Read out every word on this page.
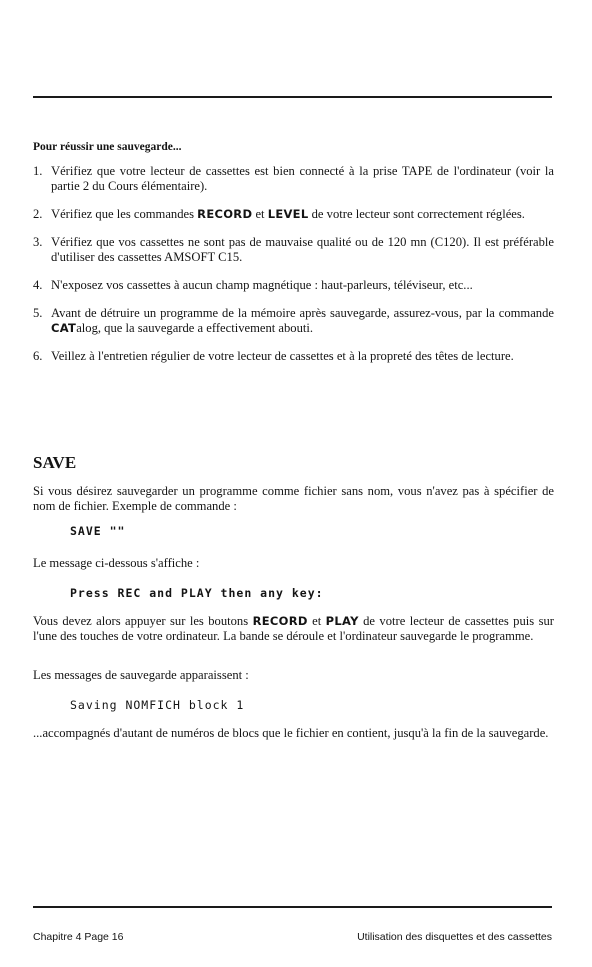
Pour réussir une sauvegarde...
1. Vérifiez que votre lecteur de cassettes est bien connecté à la prise TAPE de l'ordinateur (voir la partie 2 du Cours élémentaire).
2. Vérifiez que les commandes RECORD et LEVEL de votre lecteur sont correctement réglées.
3. Vérifiez que vos cassettes ne sont pas de mauvaise qualité ou de 120 mn (C120). Il est préférable d'utiliser des cassettes AMSOFT C15.
4. N'exposez vos cassettes à aucun champ magnétique : haut-parleurs, téléviseur, etc...
5. Avant de détruire un programme de la mémoire après sauvegarde, assurez-vous, par la commande CATalog, que la sauvegarde a effectivement abouti.
6. Veillez à l'entretien régulier de votre lecteur de cassettes et à la propreté des têtes de lecture.
SAVE

Si vous désirez sauvegarder un programme comme fichier sans nom, vous n'avez pas à spécifier de nom de fichier. Exemple de commande :

SAVE ""

Le message ci-dessous s'affiche :

Press REC and PLAY then any key:

Vous devez alors appuyer sur les boutons RECORD et PLAY de votre lecteur de cassettes puis sur l'une des touches de votre ordinateur. La bande se déroule et l'ordinateur sauvegarde le programme.

Les messages de sauvegarde apparaissent :

Saving NOMFICH block 1

...accompagnés d'autant de numéros de blocs que le fichier en contient, jusqu'à la fin de la sauvegarde.

Chapitre 4 Page 16	Utilisation des disquettes et des cassettes
